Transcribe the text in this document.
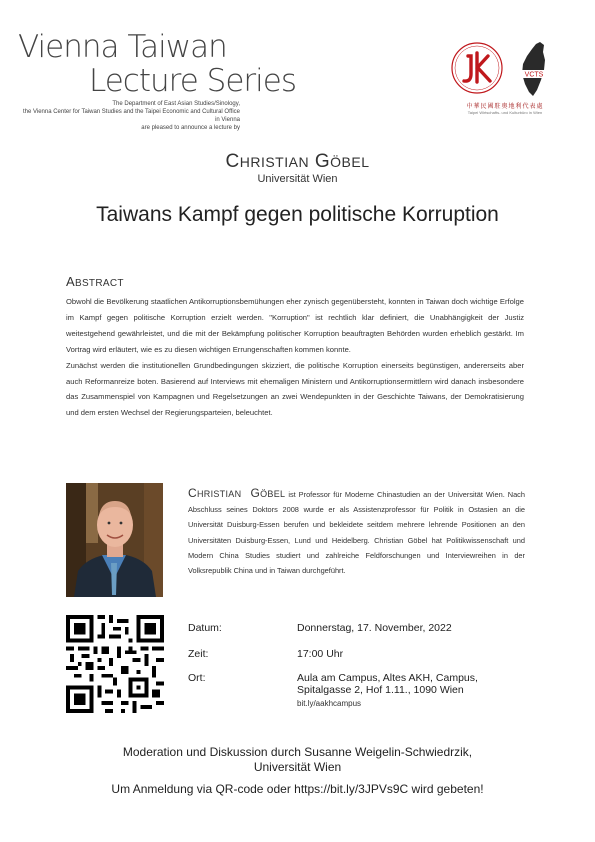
Vienna Taiwan
Lecture Series
The Department of East Asian Studies/Sinology,
the Vienna Center for Taiwan Studies and the Taipei Economic and Cultural Office in Vienna
are pleased to announce a lecture by
VCTS
中華民國駐奧地利代表處
Taipei Wirtschafts- und Kulturbüro in Wien
CHRISTIAN GÖBEL
Universität Wien
Taiwans Kampf gegen politische Korruption
ABSTRACT

Obwohl die Bevölkerung staatlichen Antikorruptionsbemühungen eher zynisch gegenübersteht, konnten in Taiwan doch wichtige Erfolge im Kampf gegen politische Korruption erzielt werden. "Korruption" ist rechtlich klar definiert, die Unabhängigkeit der Justiz weitestgehend gewährleistet, und die mit der Bekämpfung politischer Korruption beauftragten Behörden wurden erheblich gestärkt. Im Vortrag wird erläutert, wie es zu diesen wichtigen Errungenschaften kommen konnte.

Zunächst werden die institutionellen Grundbedingungen skizziert, die politische Korruption einerseits begünstigen, andererseits aber auch Reformanreize boten. Basierend auf Interviews mit ehemaligen Ministern und Antikorruptionsermittlern wird danach insbesondere das Zusammenspiel von Kampagnen und Regelsetzungen an zwei Wendepunkten in der Geschichte Taiwans, der Demokratisierung und dem ersten Wechsel der Regierungsparteien, beleuchtet.

CHRISTIAN GÖBEL ist Professor für Moderne Chinastudien an der Universität Wien. Nach Abschluss seines Doktors 2008 wurde er als Assistenzprofessor für Politik in Ostasien an die Universität Duisburg-Essen berufen und bekleidete seitdem mehrere lehrende Positionen an den Universitäten Duisburg-Essen, Lund und Heidelberg. Christian Göbel hat Politikwissenschaft und Modern China Studies studiert und zahlreiche Feldforschungen und Interviewreihen in der Volksrepublik China und in Taiwan durchgeführt.
Datum:	Donnerstag, 17. November, 2022
Zeit:	17:00 Uhr
Ort:	Aula am Campus, Altes AKH, Campus,
Spitalgasse 2, Hof 1.11., 1090 Wien
bit.ly/aakhcampus
Moderation und Diskussion durch Susanne Weigelin-Schwiedrzik,
Universität Wien
Um Anmeldung via QR-code oder https://bit.ly/3JPVs9C wird gebeten!
